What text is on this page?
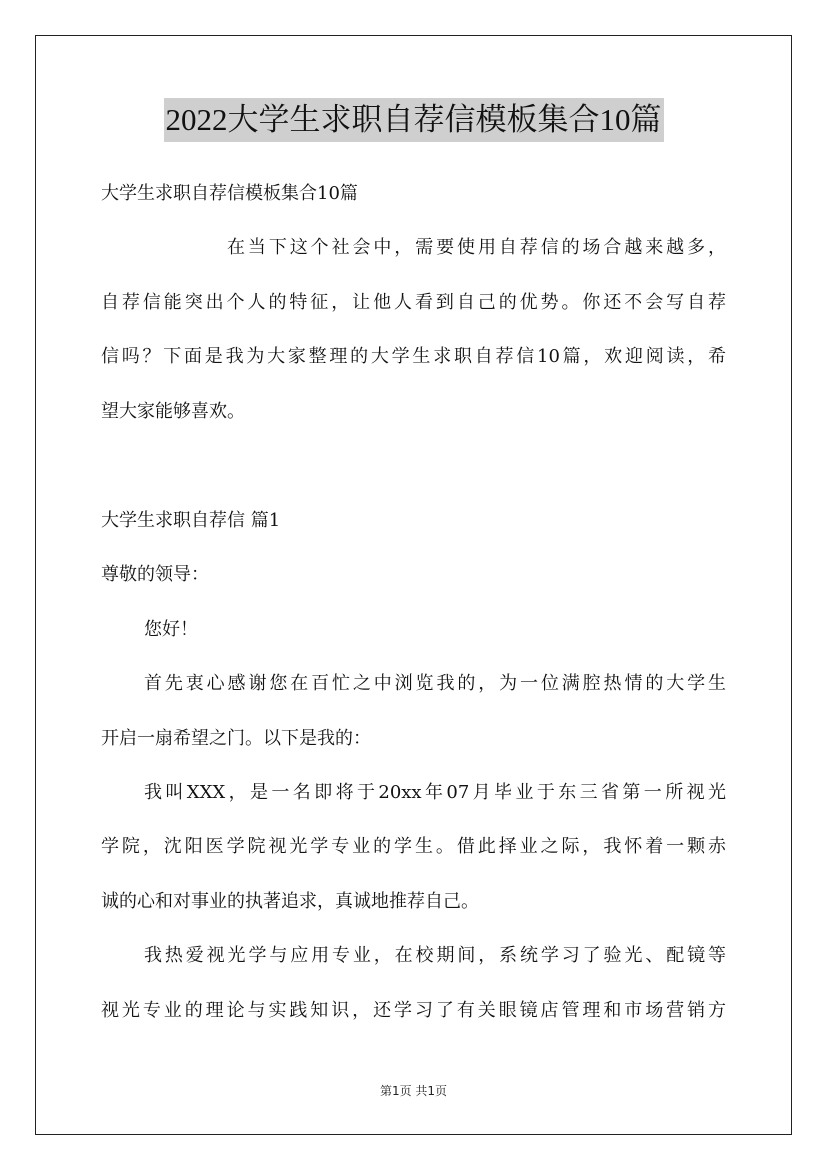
2022大学生求职自荐信模板集合10篇
大学生求职自荐信模板集合10篇
在当下这个社会中，需要使用自荐信的场合越来越多，
自荐信能突出个人的特征，让他人看到自己的优势。你还不会写自荐
信吗？下面是我为大家整理的大学生求职自荐信10篇，欢迎阅读，希
望大家能够喜欢。
大学生求职自荐信 篇1
尊敬的领导：
您好！
首先衷心感谢您在百忙之中浏览我的，为一位满腔热情的大学生
开启一扇希望之门。以下是我的：
我叫XXX，是一名即将于20xx年07月毕业于东三省第一所视光
学院，沈阳医学院视光学专业的学生。借此择业之际，我怀着一颗赤
诚的心和对事业的执著追求，真诚地推荐自己。
我热爱视光学与应用专业，在校期间，系统学习了验光、配镜等
视光专业的理论与实践知识，还学习了有关眼镜店管理和市场营销方
第1页 共1页
